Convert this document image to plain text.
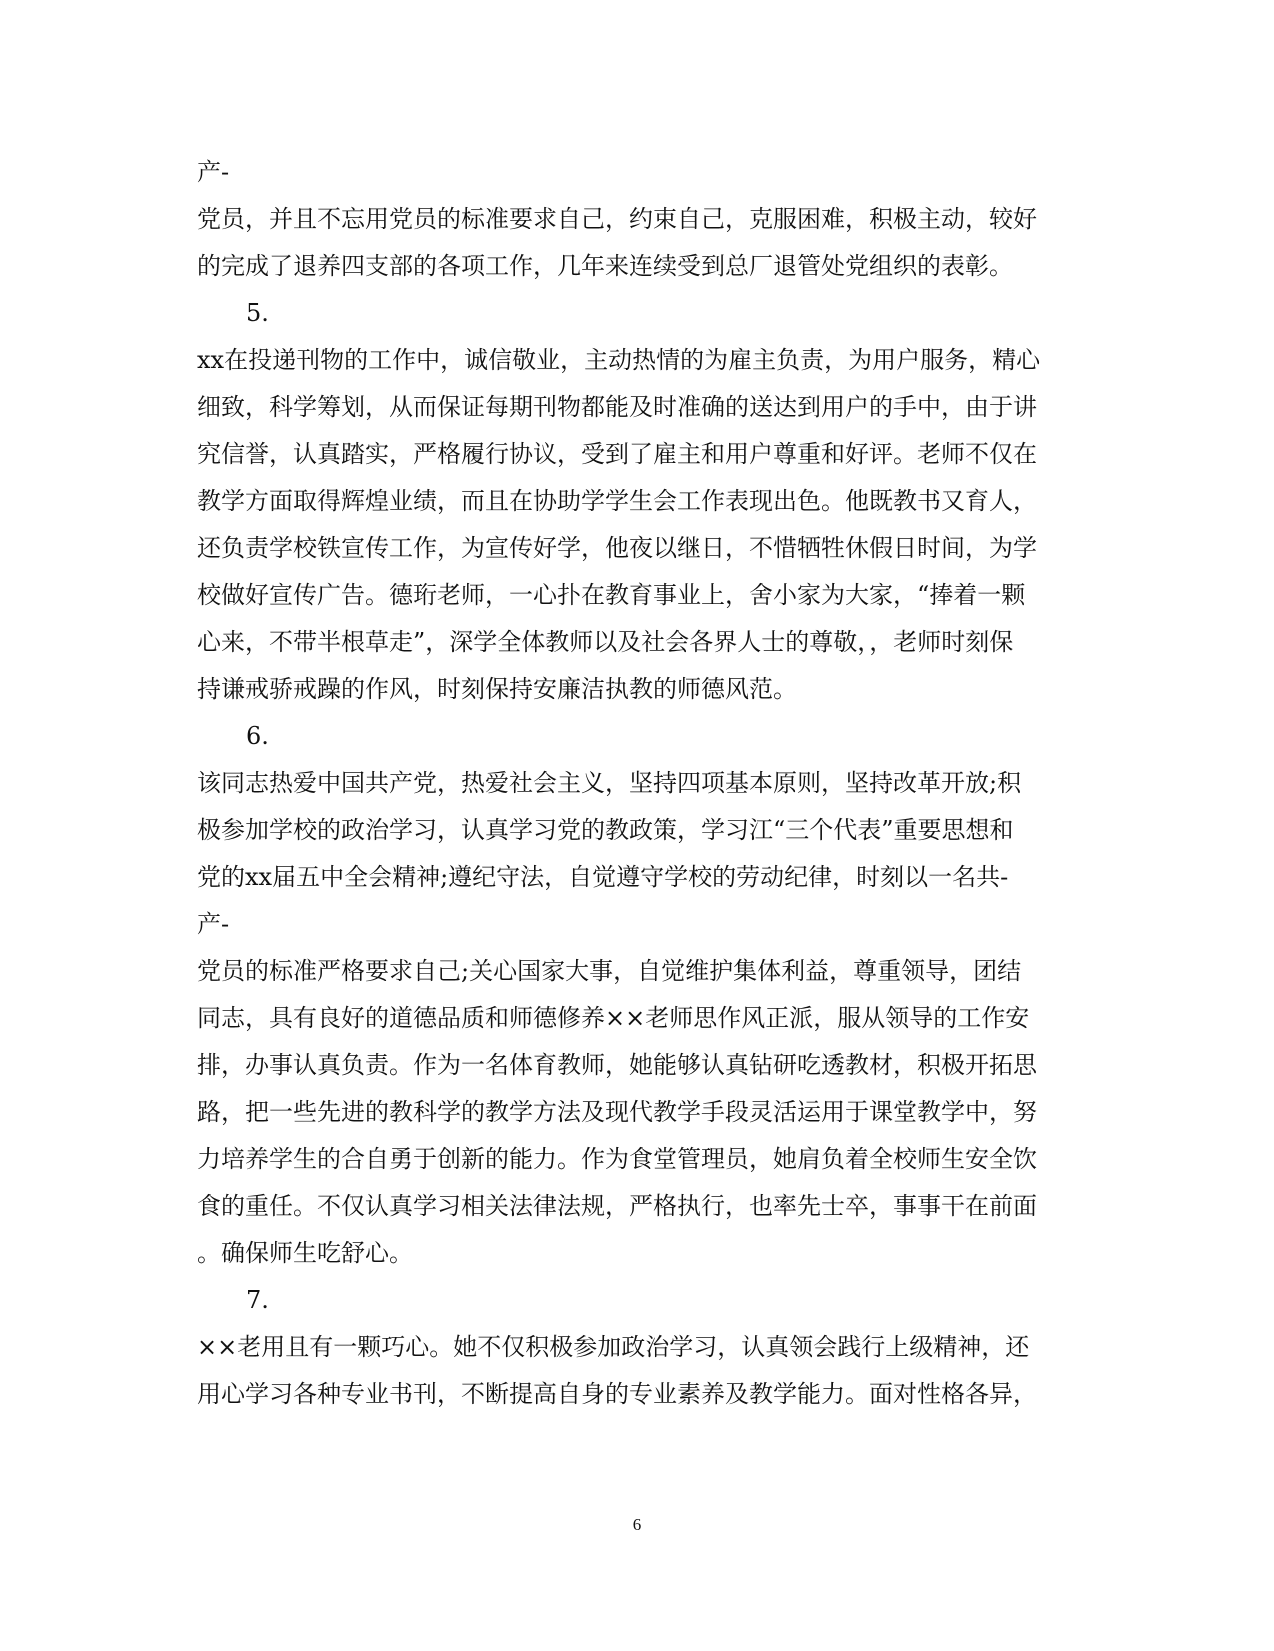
产-
党员，并且不忘用党员的标准要求自己，约束自己，克服困难，积极主动，较好
的完成了退养四支部的各项工作，几年来连续受到总厂退管处党组织的表彰。
5.
xx在投递刊物的工作中，诚信敬业，主动热情的为雇主负责，为用户服务，精心
细致，科学筹划，从而保证每期刊物都能及时准确的送达到用户的手中，由于讲
究信誉，认真踏实，严格履行协议，受到了雇主和用户尊重和好评。老师不仅在
教学方面取得辉煌业绩，而且在协助学学生会工作表现出色。他既教书又育人，
还负责学校铁宣传工作，为宣传好学，他夜以继日，不惜牺牲休假日时间，为学
校做好宣传广告。德珩老师，一心扑在教育事业上，舍小家为大家，“捧着一颗
心来，不带半根草走”，深学全体教师以及社会各界人士的尊敬，，老师时刻保
持谦戒骄戒躁的作风，时刻保持安廉洁执教的师德风范。
6.
该同志热爱中国共产党，热爱社会主义，坚持四项基本原则，坚持改革开放;积
极参加学校的政治学习，认真学习党的教政策，学习江“三个代表”重要思想和
党的xx届五中全会精神;遵纪守法，自觉遵守学校的劳动纪律，时刻以一名共-
产-
党员的标准严格要求自己;关心国家大事，自觉维护集体利益，尊重领导，团结
同志，具有良好的道德品质和师德修养××老师思作风正派，服从领导的工作安
排，办事认真负责。作为一名体育教师，她能够认真钻研吃透教材，积极开拓思
路，把一些先进的教科学的教学方法及现代教学手段灵活运用于课堂教学中，努
力培养学生的合自勇于创新的能力。作为食堂管理员，她肩负着全校师生安全饮
食的重任。不仅认真学习相关法律法规，严格执行，也率先士卒，事事干在前面
。确保师生吃舒心。
7.
××老用且有一颗巧心。她不仅积极参加政治学习，认真领会践行上级精神，还
用心学习各种专业书刊，不断提高自身的专业素养及教学能力。面对性格各异，
6
